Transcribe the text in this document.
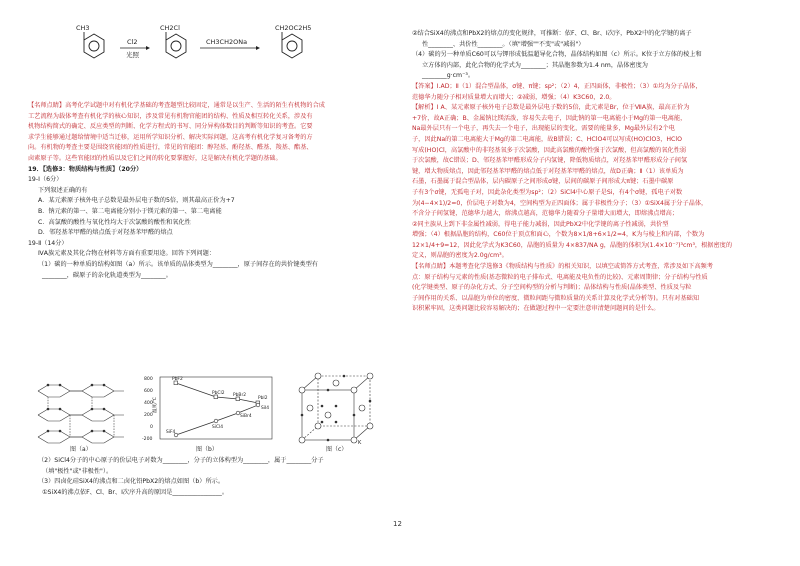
CH3
Cl2
光照
CH2Cl
CH3CH2ONa
CH2OC2H5

【名师点睛】高考化学试题中对有机化学基础的考查题型比较固定，通常是以生产、生活的陌生有机物的合成

工艺流程为载体考查有机化学的核心知识，涉及常见有机物官能团的结构、性质及相互转化关系，涉及有

机物结构简式的确定、反应类型的判断、化学方程式的书写、同分异构体数目的判断等知识的考查。它要

求学生能够通过题给情境中适当迁移，运用所学知识分析、解决实际问题，这高考有机化学复习备考的方

向。有机物的考查主要是围绕官能团的性质进行，常见的官能团：醇羟基、酚羟基、醛基、羧基、酯基、

卤素原子等。这些官能团的性质以及它们之间的转化要掌握好，这是解决有机化学题的基础。

19．【选修3：物质结构与性质】（20分）

19-Ⅰ（6分）

下列叙述正确的有

A．某元素原子核外电子总数是最外层电子数的5倍，则其最高正价为+7

B．钠元素的第一、第二电离能分别小于镁元素的第一、第二电离能

C．高氯酸的酸性与氧化性均大于次氯酸的酸性和氧化性

D．邻羟基苯甲醛的熔点低于对羟基苯甲醛的熔点

19-Ⅱ（14分）

ⅣA族元素及其化合物在材料等方面有重要用途。回答下列问题：

（1）碳的一种单质的结构如图（a）所示。该单质的晶体类型为________，原子间存在的共价键类型有

________，碳原子的杂化轨道类型为________。

（2）SiCl4分子的中心原子的价层电子对数为________，分子的立体构型为________，属于________分子

（填"极性"或"非极性"）。

（3）四卤化硅SiX4的沸点和二卤化铅PbX2的熔点如图（b）所示。

①SiX4的沸点依F、Cl、Br、I次序升高的原因是________________。

图（a）
800
600
400
200
0
-200
温度/℃
PbF2
PbCl2 PbBr2
PbI2
SiF4
SiCl4
SiBr4
SiI4
图（b）
K
图（c）

②结合SiX4的沸点和PbX2的熔点的变化规律，可推断：依F、Cl、Br、I次序，PbX2中的化学键的离子

性________、共价性________。（填"增强""不变"或"减弱"）

（4）碳的另一种单质C60可以与钾形成低温超导化合物，晶体结构如图（c）所示。K位于立方体的棱上和

立方体的内部，此化合物的化学式为________；其晶胞参数为1.4 nm，晶体密度为

________g·cm⁻³。

【答案】Ⅰ.AD；Ⅱ（1）混合型晶体，σ键、π键；sp²；（2）4，正四面体，非极性；（3）①均为分子晶体，

范德华力随分子相对质量增大而增大；②减弱，增强；（4）K3C60，2.0。

【解析】Ⅰ A、某元素原子核外电子总数是最外层电子数的5倍，此元素是Br，位于ⅦA族，最高正价为

+7价，故A正确；B、金属钠比镁活泼，容易失去电子，因此钠的第一电离能小于Mg的第一电离能，

Na最外层只有一个电子，再失去一个电子，出现能层的变化，需要的能量多，Mg最外层有2个电

子，因此Na的第二电离能大于Mg的第二电离能，故B错误；C、HClO4可以写成(HO)ClO3，HClO

写成(HO)Cl，高氯酸中的非羟基氧多于次氯酸，因此高氯酸的酸性强于次氯酸，但高氯酸的氧化性弱

于次氯酸，故C错误；D、邻羟基苯甲醛形成分子内氢键，降低物质熔点，对羟基苯甲醛形成分子间氢

键，增大物质熔点，因此邻羟基苯甲醛的熔点低于对羟基苯甲醛的熔点，故D正确；Ⅱ（1）该单质为

石墨，石墨属于混合型晶体，层内碳原子之间形成σ键，层间的碳原子间形成大π键；石墨中碳原

子有3个σ键，无孤电子对，因此杂化类型为sp²；（2）SiCl4中心原子是Si，有4个σ键，孤电子对数

为(4−4×1)/2=0，价层电子对数为4，空间构型为正四面体；属于非极性分子；（3）①SiX4属于分子晶体，

不含分子间氢键，范德华力越大，熔沸点越高，范德华力随着分子量增大而增大，即熔沸点增高；

②同主族从上到下非金属性减弱，得电子能力减弱，因此PbX2中化学键的离子性减弱，共价型

增强；（4）根据晶胞的结构，C60位于顶点和面心，个数为8×1/8+6×1/2=4，K为与棱上和内部，个数为

12×1/4+9=12，因此化学式为K3C60，晶胞的质量为 4×837/NA g，晶胞的体积为(1.4×10⁻⁷)³cm³，根据密度的

定义，则晶胞的密度为2.0g/cm³。

【名师点睛】本题考查化学选修3《物质结构与性质》的相关知识，以填空或简答方式考查，常涉及如下高频考

点：原子结构与元素的性质(基态微粒的电子排布式、电离能及电负性的比较)、元素周期律；分子结构与性质

(化学键类型、原子的杂化方式、分子空间构型的分析与判断)；晶体结构与性质(晶体类型、性质及与粒

子间作用的关系、以晶胞为单位的密度、微粒间距与微粒质量的关系计算及化学式分析等)。只有对基础知

识积累牢固，这类问题比较容易解决的；在做题过程中一定要注意审清楚问题问的是什么。

12
